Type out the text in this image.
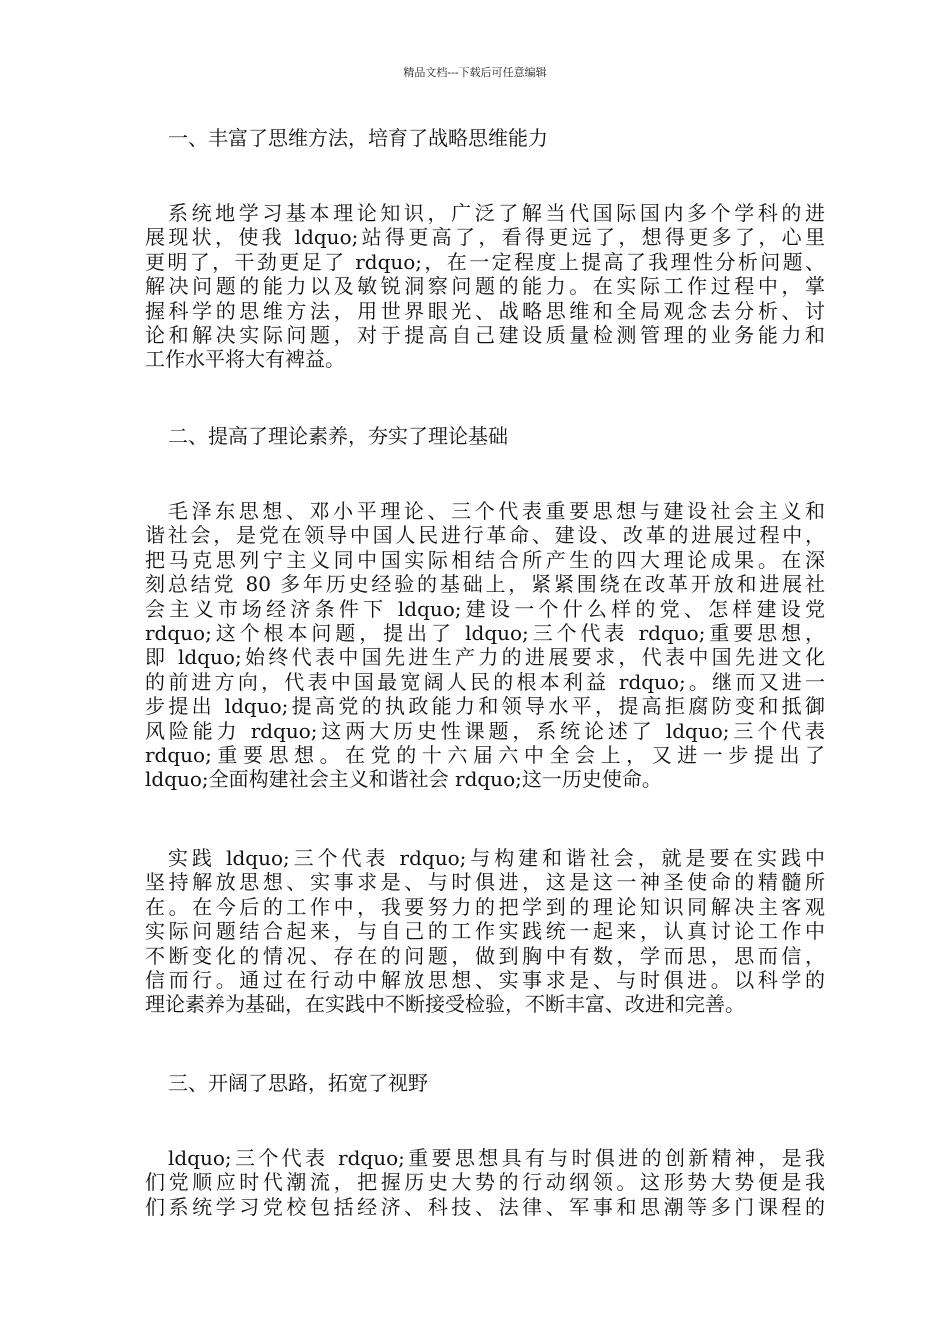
精品文档---下载后可任意编辑
一、丰富了思维方法，培育了战略思维能力
系统地学习基本理论知识，广泛了解当代国际国内多个学科的进
展现状，使我 ldquo;站得更高了，看得更远了，想得更多了，心里
更明了，干劲更足了 rdquo;，在一定程度上提高了我理性分析问题、
解决问题的能力以及敏锐洞察问题的能力。在实际工作过程中，掌
握科学的思维方法，用世界眼光、战略思维和全局观念去分析、讨
论和解决实际问题，对于提高自己建设质量检测管理的业务能力和
工作水平将大有裨益。
二、提高了理论素养，夯实了理论基础
毛泽东思想、邓小平理论、三个代表重要思想与建设社会主义和
谐社会，是党在领导中国人民进行革命、建设、改革的进展过程中，
把马克思列宁主义同中国实际相结合所产生的四大理论成果。在深
刻总结党 80 多年历史经验的基础上，紧紧围绕在改革开放和进展社
会主义市场经济条件下 ldquo;建设一个什么样的党、怎样建设党
rdquo;这个根本问题，提出了 ldquo;三个代表 rdquo;重要思想，
即 ldquo;始终代表中国先进生产力的进展要求，代表中国先进文化
的前进方向，代表中国最宽阔人民的根本利益 rdquo;。继而又进一
步提出 ldquo;提高党的执政能力和领导水平，提高拒腐防变和抵御
风险能力 rdquo;这两大历史性课题，系统论述了 ldquo;三个代表
rdquo;重要思想。在党的十六届六中全会上，又进一步提出了
ldquo;全面构建社会主义和谐社会 rdquo;这一历史使命。
实践 ldquo;三个代表 rdquo;与构建和谐社会，就是要在实践中
坚持解放思想、实事求是、与时俱进，这是这一神圣使命的精髓所
在。在今后的工作中，我要努力的把学到的理论知识同解决主客观
实际问题结合起来，与自己的工作实践统一起来，认真讨论工作中
不断变化的情况、存在的问题，做到胸中有数，学而思，思而信，
信而行。通过在行动中解放思想、实事求是、与时俱进。以科学的
理论素养为基础，在实践中不断接受检验，不断丰富、改进和完善。
三、开阔了思路，拓宽了视野
ldquo;三个代表 rdquo;重要思想具有与时俱进的创新精神，是我
们党顺应时代潮流，把握历史大势的行动纲领。这形势大势便是我
们系统学习党校包括经济、科技、法律、军事和思潮等多门课程的
